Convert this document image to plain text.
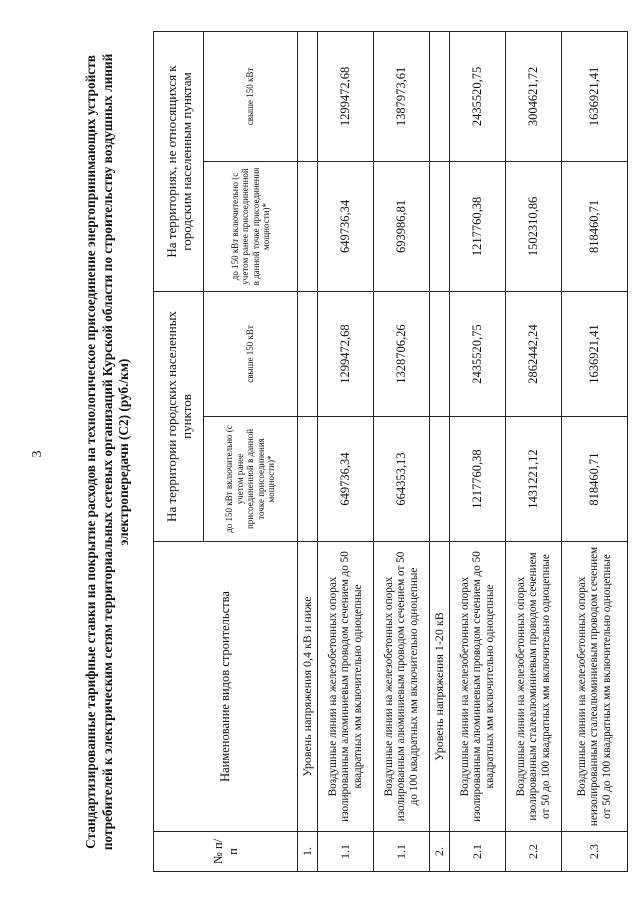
3	Стандартизированные тарифные ставки на покрытие расходов на технологическое присоединение энергопринимающих устройств потребителей к электрическим сетям территориальных сетевых организаций Курской области по строительству воздушных линий электропередачи (С2) (руб./км)
№ п/п	Наименование видов строительства	На территории городских населенных пунктов		На территориях, не относящихся к городским населенным пунктам	
		до 150 кВт включительно (с учетом ранее присоединенной в данной точке присоединения мощности)*	свыше 150 кВт	до 150 кВт включительно (с учетом ранее присоединенной в данной точке присоединения мощности)*	свыше 150 кВт
1.	Уровень напряжения 0,4 кВ и ниже				
1.1	Воздушные линии на железобетонных опорах изолированным алюминиевым проводом сечением до 50 квадратных мм включительно одноцепные	649736,34	1299472,68	649736,34	1299472,68
1.1	Воздушные линии на железобетонных опорах изолированным алюминиевым проводом сечением от 50 до 100 квадратных мм включительно одноцепные	664353,13	1328706,26	693986,81	1387973,61
2.	Уровень напряжения 1-20 кВ				
2.1	Воздушные линии на железобетонных опорах изолированным алюминиевым проводом сечением до 50 квадратных мм включительно одноцепные	1217760,38	2435520,75	1217760,38	2435520,75
2.2	Воздушные линии на железобетонных опорах изолированным сталеалюминиевым проводом сечением от 50 до 100 квадратных мм включительно одноцепные	1431221,12	2862442,24	1502310,86	3004621,72
2.3	Воздушные линии на железобетонных опорах неизолированным сталеалюминиевым проводом сечением от 50 до 100 квадратных мм включительно одноцепные	818460,71	1636921,41	818460,71	1636921,41
